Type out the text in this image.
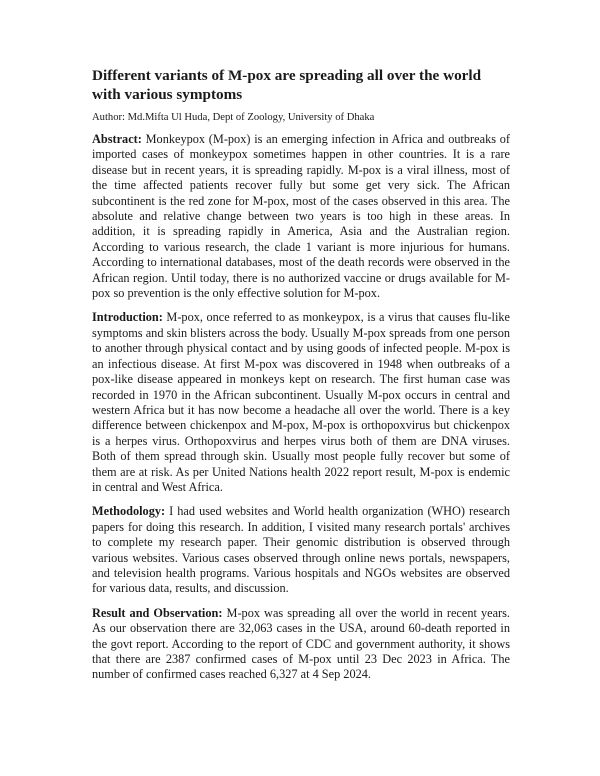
Different variants of M-pox are spreading all over the world with various symptoms

Author: Md.Mifta Ul Huda, Dept of Zoology, University of Dhaka

Abstract: Monkeypox (M-pox) is an emerging infection in Africa and outbreaks of imported cases of monkeypox sometimes happen in other countries. It is a rare disease but in recent years, it is spreading rapidly. M-pox is a viral illness, most of the time affected patients recover fully but some get very sick. The African subcontinent is the red zone for M-pox, most of the cases observed in this area. The absolute and relative change between two years is too high in these areas. In addition, it is spreading rapidly in America, Asia and the Australian region. According to various research, the clade 1 variant is more injurious for humans. According to international databases, most of the death records were observed in the African region. Until today, there is no authorized vaccine or drugs available for M-pox so prevention is the only effective solution for M-pox.

Introduction: M-pox, once referred to as monkeypox, is a virus that causes flu-like symptoms and skin blisters across the body. Usually M-pox spreads from one person to another through physical contact and by using goods of infected people. M-pox is an infectious disease. At first M-pox was discovered in 1948 when outbreaks of a pox-like disease appeared in monkeys kept on research. The first human case was recorded in 1970 in the African subcontinent. Usually M-pox occurs in central and western Africa but it has now become a headache all over the world. There is a key difference between chickenpox and M-pox, M-pox is orthopoxvirus but chickenpox is a herpes virus. Orthopoxvirus and herpes virus both of them are DNA viruses. Both of them spread through skin. Usually most people fully recover but some of them are at risk. As per United Nations health 2022 report result, M-pox is endemic in central and West Africa.

Methodology: I had used websites and World health organization (WHO) research papers for doing this research. In addition, I visited many research portals' archives to complete my research paper. Their genomic distribution is observed through various websites. Various cases observed through online news portals, newspapers, and television health programs. Various hospitals and NGOs websites are observed for various data, results, and discussion.

Result and Observation: M-pox was spreading all over the world in recent years. As our observation there are 32,063 cases in the USA, around 60-death reported in the govt report. According to the report of CDC and government authority, it shows that there are 2387 confirmed cases of M-pox until 23 Dec 2023 in Africa. The number of confirmed cases reached 6,327 at 4 Sep 2024.
